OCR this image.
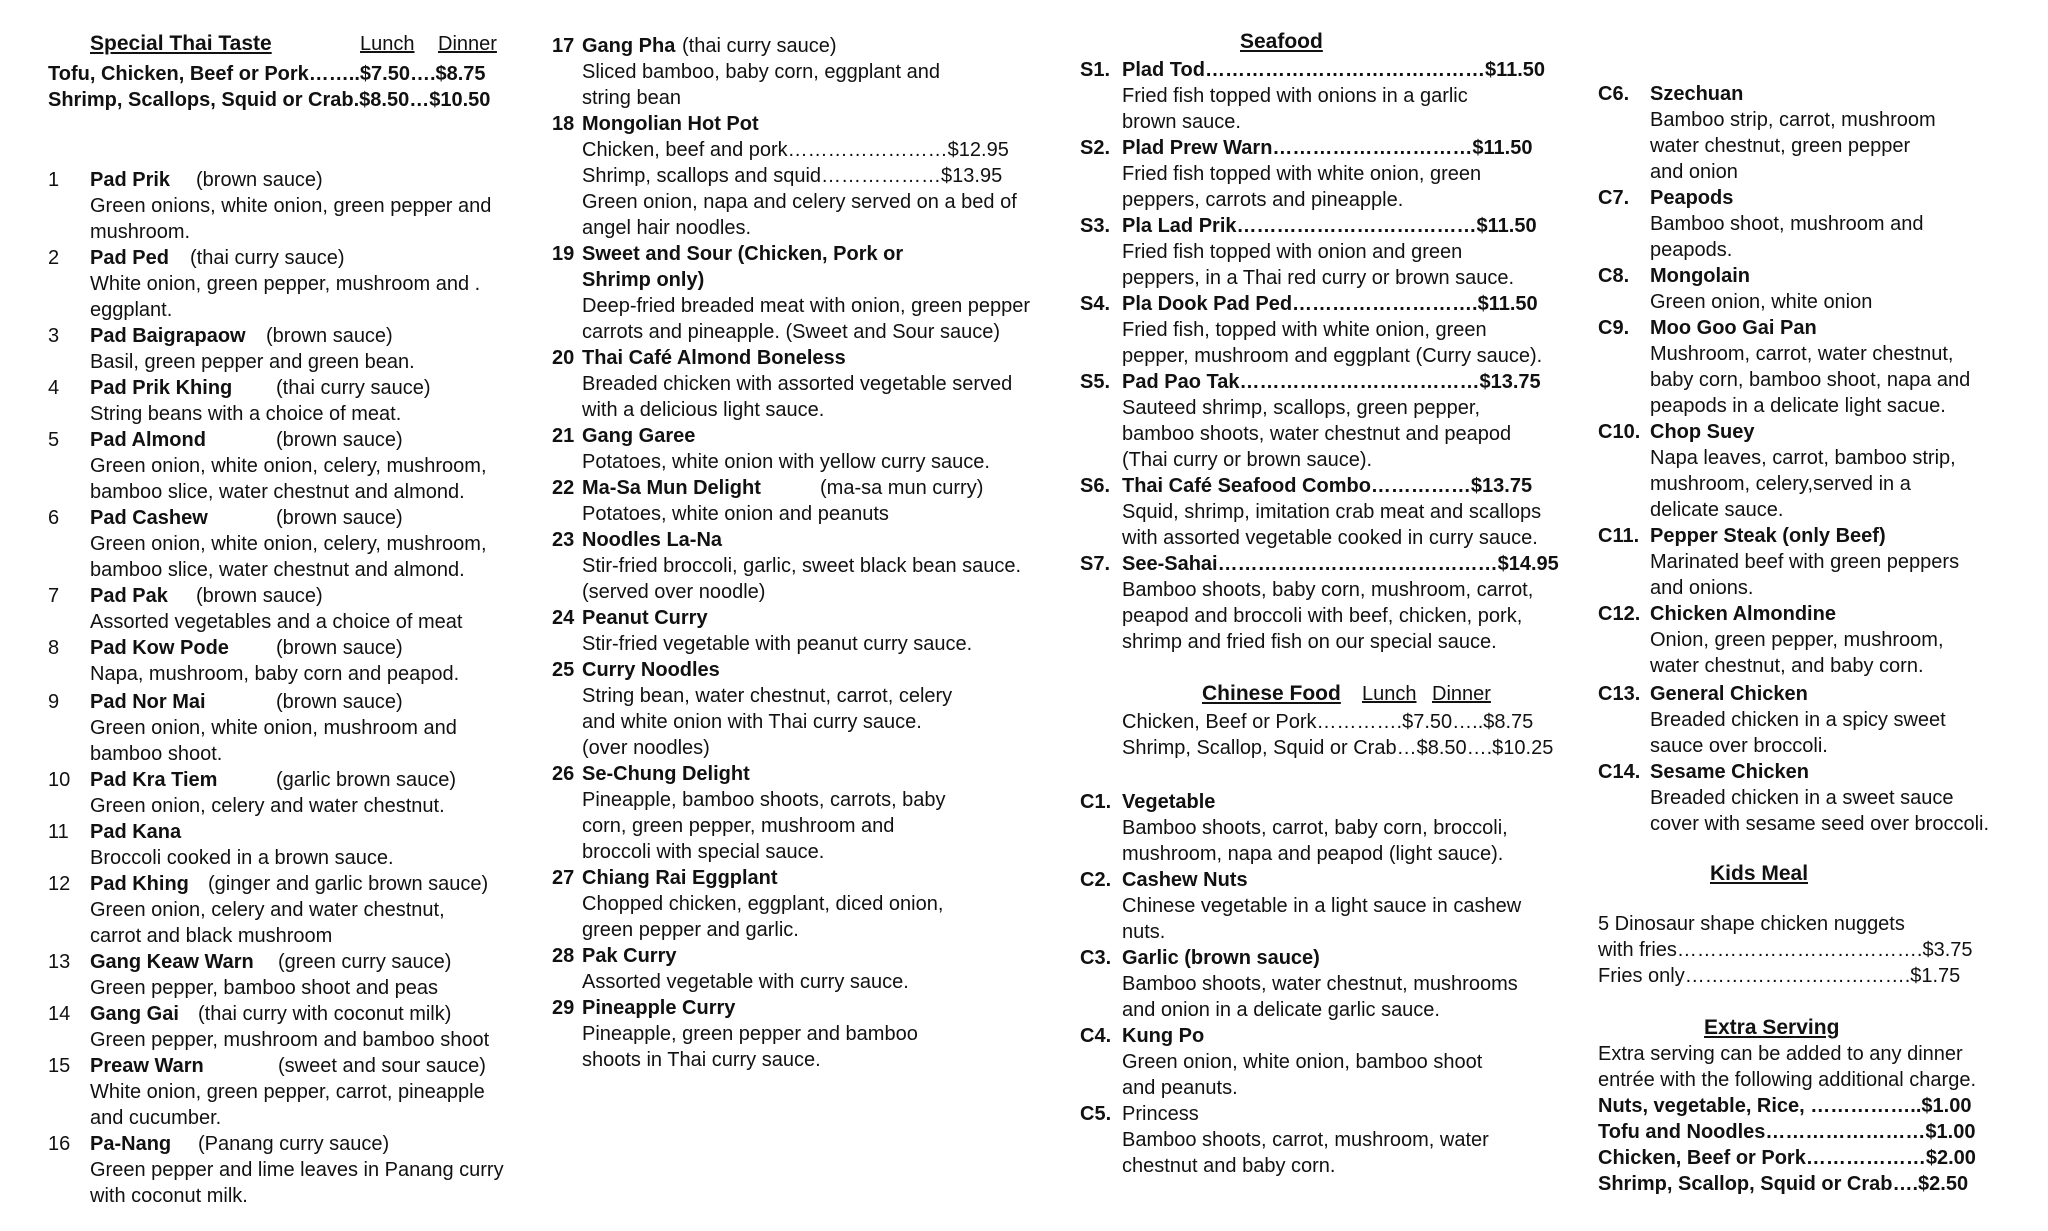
Special Thai Taste	Lunch Dinner
Tofu, Chicken, Beef or Pork……..$7.50….$8.75
Shrimp, Scallops, Squid or Crab.$8.50…$10.50
1 Pad Prik (brown sauce)
Green onions, white onion, green pepper and
mushroom.
2 Pad Ped (thai curry sauce)
White onion, green pepper, mushroom and .
eggplant.
3 Pad Baigrapaow (brown sauce)
Basil, green pepper and green bean.
4 Pad Prik Khing (thai curry sauce)
String beans with a choice of meat.
5 Pad Almond	(brown sauce)
Green onion, white onion, celery, mushroom,
bamboo slice, water chestnut and almond.
6 Pad Cashew	(brown sauce)
Green onion, white onion, celery, mushroom,
bamboo slice, water chestnut and almond.
7 Pad Pak (brown sauce)
Assorted vegetables and a choice of meat
8 Pad Kow Pode (brown sauce)
Napa, mushroom, baby corn and peapod.
9 Pad Nor Mai	(brown sauce)
Green onion, white onion, mushroom and
bamboo shoot.
10 Pad Kra Tiem	(garlic brown sauce)
Green onion, celery and water chestnut.
11 Pad Kana
Broccoli cooked in a brown sauce.
12 Pad Khing (ginger and garlic brown sauce)
Green onion, celery and water chestnut,
carrot and black mushroom
13 Gang Keaw Warn (green curry sauce)
Green pepper, bamboo shoot and peas
14 Gang Gai (thai curry with coconut milk)
Green pepper, mushroom and bamboo shoot
15 Preaw Warn	(sweet and sour sauce)
White onion, green pepper, carrot, pineapple
and cucumber.
16 Pa-Nang (Panang curry sauce)
Green pepper and lime leaves in Panang curry
with coconut milk.
17 Gang Pha (thai curry sauce)
Sliced bamboo, baby corn, eggplant and
string bean
18 Mongolian Hot Pot
Chicken, beef and pork……………………$12.95
Shrimp, scallops and squid………………$13.95
Green onion, napa and celery served on a bed of
angel hair noodles.
19 Sweet and Sour (Chicken, Pork or
Shrimp only)
Deep-fried breaded meat with onion, green pepper
carrots and pineapple. (Sweet and Sour sauce)
20 Thai Café Almond Boneless
Breaded chicken with assorted vegetable served
with a delicious light sauce.
21 Gang Garee
Potatoes, white onion with yellow curry sauce.
22 Ma-Sa Mun Delight	(ma-sa mun curry)
Potatoes, white onion and peanuts
23 Noodles La-Na
Stir-fried broccoli, garlic, sweet black bean sauce.
(served over noodle)
24 Peanut Curry
Stir-fried vegetable with peanut curry sauce.
25 Curry Noodles
String bean, water chestnut, carrot, celery
and white onion with Thai curry sauce.
(over noodles)
26 Se-Chung Delight
Pineapple, bamboo shoots, carrots, baby
corn, green pepper, mushroom and
broccoli with special sauce.
27 Chiang Rai Eggplant
Chopped chicken, eggplant, diced onion,
green pepper and garlic.
28 Pak Curry
Assorted vegetable with curry sauce.
29 Pineapple Curry
Pineapple, green pepper and bamboo
shoots in Thai curry sauce.
Seafood
S1. Plad Tod……………………………………$11.50
Fried fish topped with onions in a garlic
brown sauce.
S2. Plad Prew Warn…………………………$11.50
Fried fish topped with white onion, green
peppers, carrots and pineapple.
S3. Pla Lad Prik………………………………$11.50
Fried fish topped with onion and green
peppers, in a Thai red curry or brown sauce.
S4. Pla Dook Pad Ped……………………….$11.50
Fried fish, topped with white onion, green
pepper, mushroom and eggplant (Curry sauce).
S5. Pad Pao Tak………………………………$13.75
Sauteed shrimp, scallops, green pepper,
bamboo shoots, water chestnut and peapod
(Thai curry or brown sauce).
S6. Thai Café Seafood Combo……………$13.75
Squid, shrimp, imitation crab meat and scallops
with assorted vegetable cooked in curry sauce.
S7. See-Sahai……………………………………$14.95
Bamboo shoots, baby corn, mushroom, carrot,
peapod and broccoli with beef, chicken, pork,
shrimp and fried fish on our special sauce.
Chinese Food Lunch Dinner
Chicken, Beef or Pork………….$7.50…..$8.75
Shrimp, Scallop, Squid or Crab…$8.50….$10.25
C1. Vegetable
Bamboo shoots, carrot, baby corn, broccoli,
mushroom, napa and peapod (light sauce).
C2. Cashew Nuts
Chinese vegetable in a light sauce in cashew
nuts.
C3. Garlic (brown sauce)
Bamboo shoots, water chestnut, mushrooms
and onion in a delicate garlic sauce.
C4. Kung Po
Green onion, white onion, bamboo shoot
and peanuts.
C5. Princess
Bamboo shoots, carrot, mushroom, water
chestnut and baby corn.
C6. Szechuan
Bamboo strip, carrot, mushroom
water chestnut, green pepper
and onion
C7. Peapods
Bamboo shoot, mushroom and
peapods.
C8. Mongolain
Green onion, white onion
C9. Moo Goo Gai Pan
Mushroom, carrot, water chestnut,
baby corn, bamboo shoot, napa and
peapods in a delicate light sacue.
C10. Chop Suey
Napa leaves, carrot, bamboo strip,
mushroom, celery,served in a
delicate sauce.
C11. Pepper Steak (only Beef)
Marinated beef with green peppers
and onions.
C12. Chicken Almondine
Onion, green pepper, mushroom,
water chestnut, and baby corn.
C13. General Chicken
Breaded chicken in a spicy sweet
sauce over broccoli.
C14. Sesame Chicken
Breaded chicken in a sweet sauce
cover with sesame seed over broccoli.
Kids Meal
5 Dinosaur shape chicken nuggets
with fries……………………………….$3.75
Fries only…………………………….$1.75
Extra Serving
Extra serving can be added to any dinner
entrée with the following additional charge.
Nuts, vegetable, Rice, ……………..$1.00
Tofu and Noodles……………………$1.00
Chicken, Beef or Pork………………$2.00
Shrimp, Scallop, Squid or Crab….$2.50
